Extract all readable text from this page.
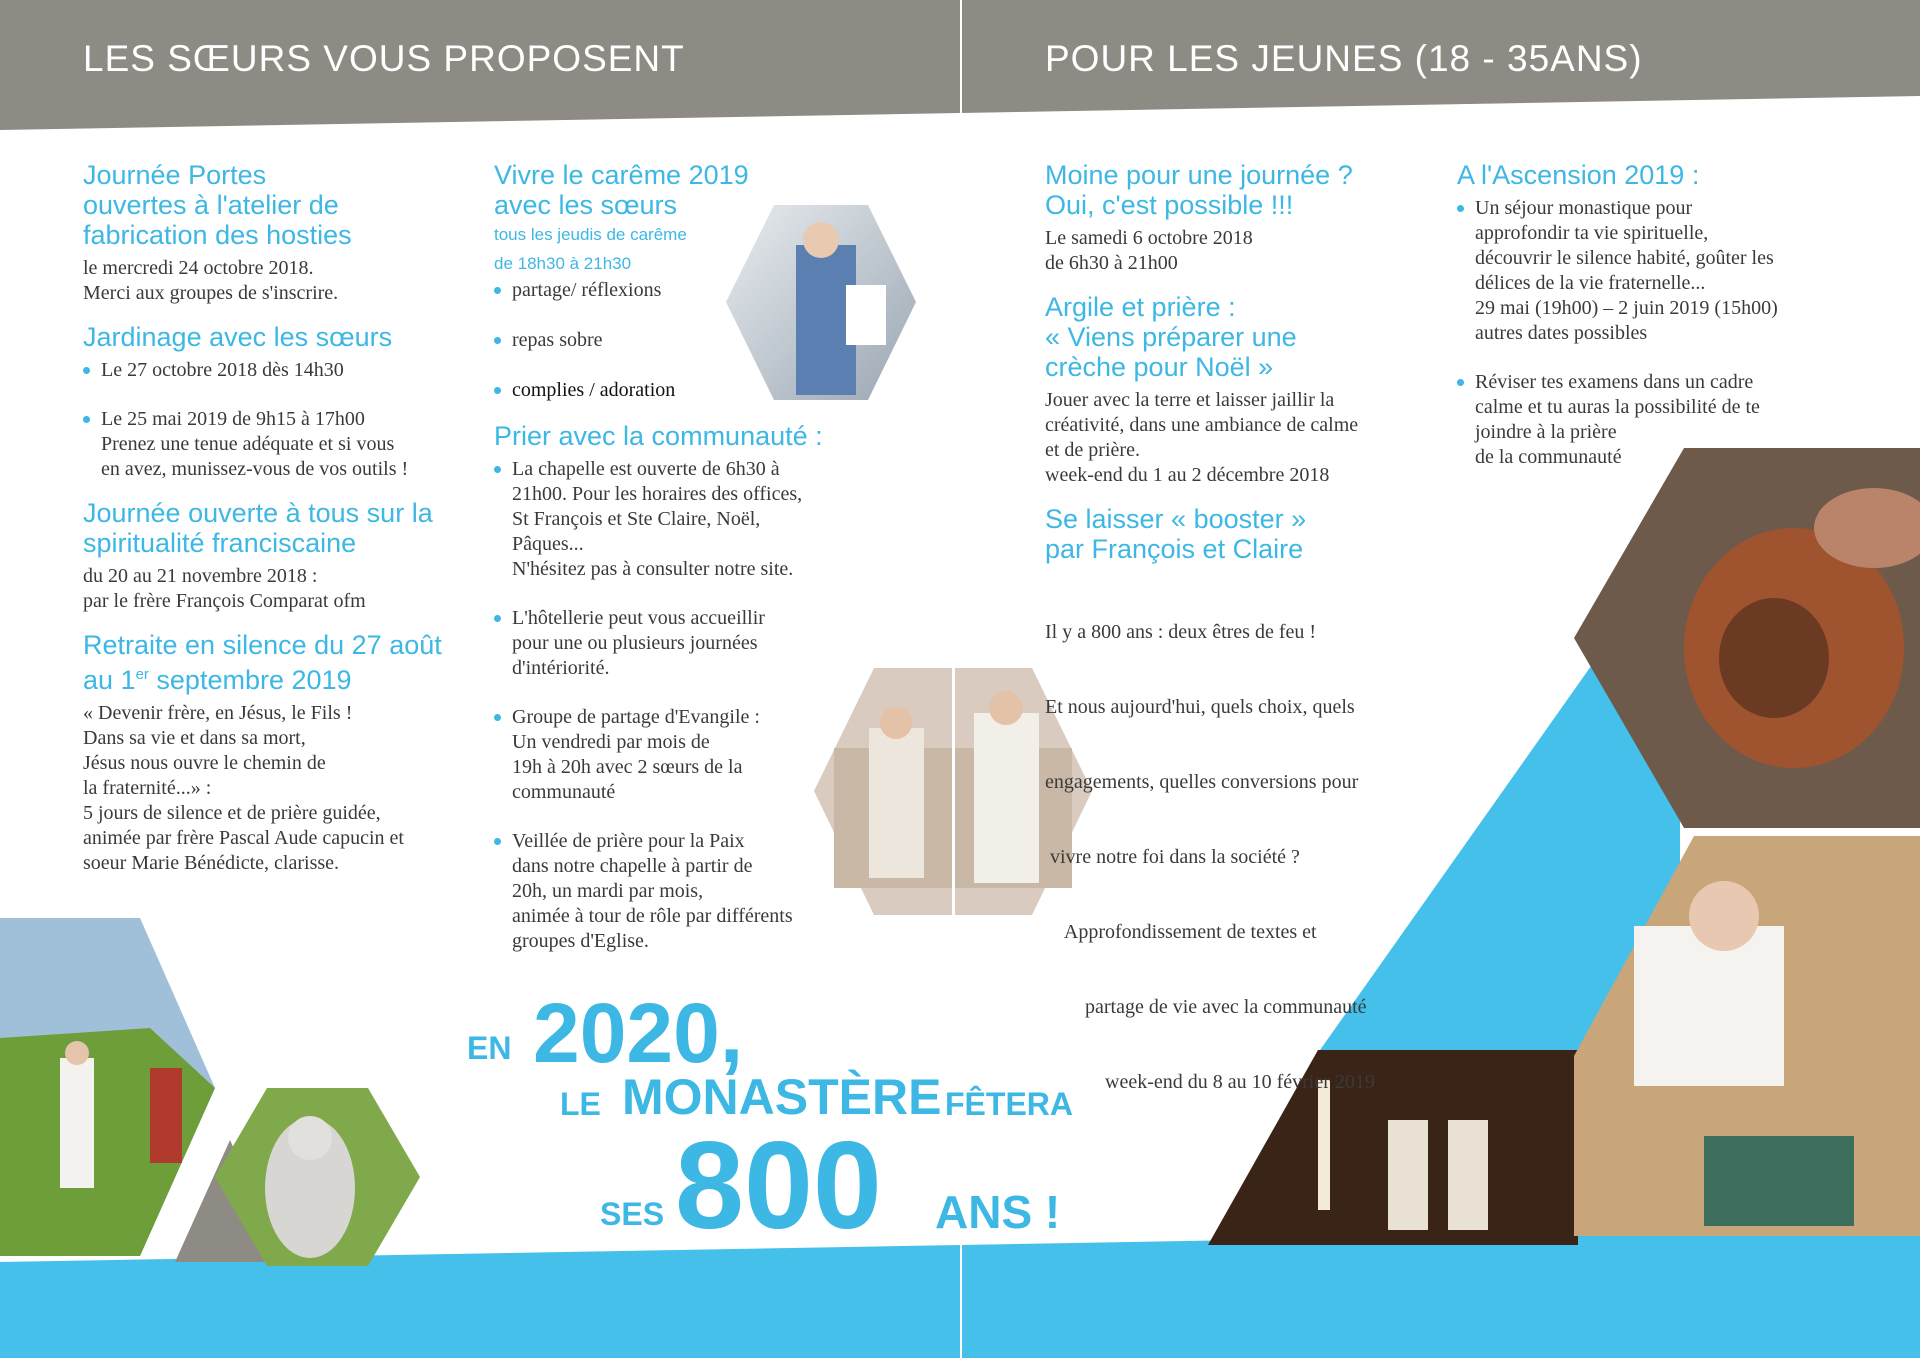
LES SŒURS VOUS PROPOSENT	POUR LES JEUNES (18 - 35ANS)
Journée Portes
ouvertes à l'atelier de
fabrication des hosties
le mercredi 24 octobre 2018.
Merci aux groupes de s'inscrire.
Jardinage avec les sœurs
Le 27 octobre 2018 dès 14h30
Le 25 mai 2019 de 9h15 à 17h00
Prenez une tenue adéquate et si vous
en avez, munissez-vous de vos outils !
Journée ouverte à tous sur la
spiritualité franciscaine
du 20 au 21 novembre 2018 :
par le frère François Comparat ofm
Retraite en silence du 27 août
au 1er septembre 2019
« Devenir frère, en Jésus, le Fils !
Dans sa vie et dans sa mort,
Jésus nous ouvre le chemin de
la fraternité...» :
5 jours de silence et de prière guidée,
animée par frère Pascal Aude capucin et
soeur Marie Bénédicte, clarisse.
Vivre le carême 2019
avec les sœurs
tous les jeudis de carême
de 18h30 à 21h30
partage/ réflexions
repas sobre
complies / adoration
Prier avec la communauté :
La chapelle est ouverte de 6h30 à
21h00. Pour les horaires des offices,
St François et Ste Claire, Noël,
Pâques...
N'hésitez pas à consulter notre site.
L'hôtellerie peut vous accueillir
pour une ou plusieurs journées
d'intériorité.
Groupe de partage d'Evangile :
Un vendredi par mois de
19h à 20h avec 2 sœurs de la
communauté
Veillée de prière pour la Paix
dans notre chapelle à partir de
20h, un mardi par mois,
animée à tour de rôle par différents
groupes d'Eglise.
Moine pour une journée ?
Oui, c'est possible !!!
Le samedi 6 octobre 2018
de 6h30 à 21h00
Argile et prière :
« Viens préparer une
crèche pour Noël »
Jouer avec la terre et laisser jaillir la
créativité, dans une ambiance de calme
et de prière.
week-end du 1 au 2 décembre 2018
Se laisser « booster »
par François et Claire

Il y a 800 ans : deux êtres de feu !

Et nous aujourd'hui, quels choix, quels

engagements, quelles conversions pour

vivre notre foi dans la société ?

Approfondissement de textes et

partage de vie avec la communauté

week-end du 8 au 10 février 2019

A l'Ascension 2019 :
Un séjour monastique pour
approfondir ta vie spirituelle,
découvrir le silence habité, goûter les
délices de la vie fraternelle...
29 mai (19h00) – 2 juin 2019 (15h00)
autres dates possibles
Réviser tes examens dans un cadre
calme et tu auras la possibilité de te
joindre à la prière
de la communauté
EN 2020,
LE MONASTÈRE FÊTERA
SES 800 ANS !
